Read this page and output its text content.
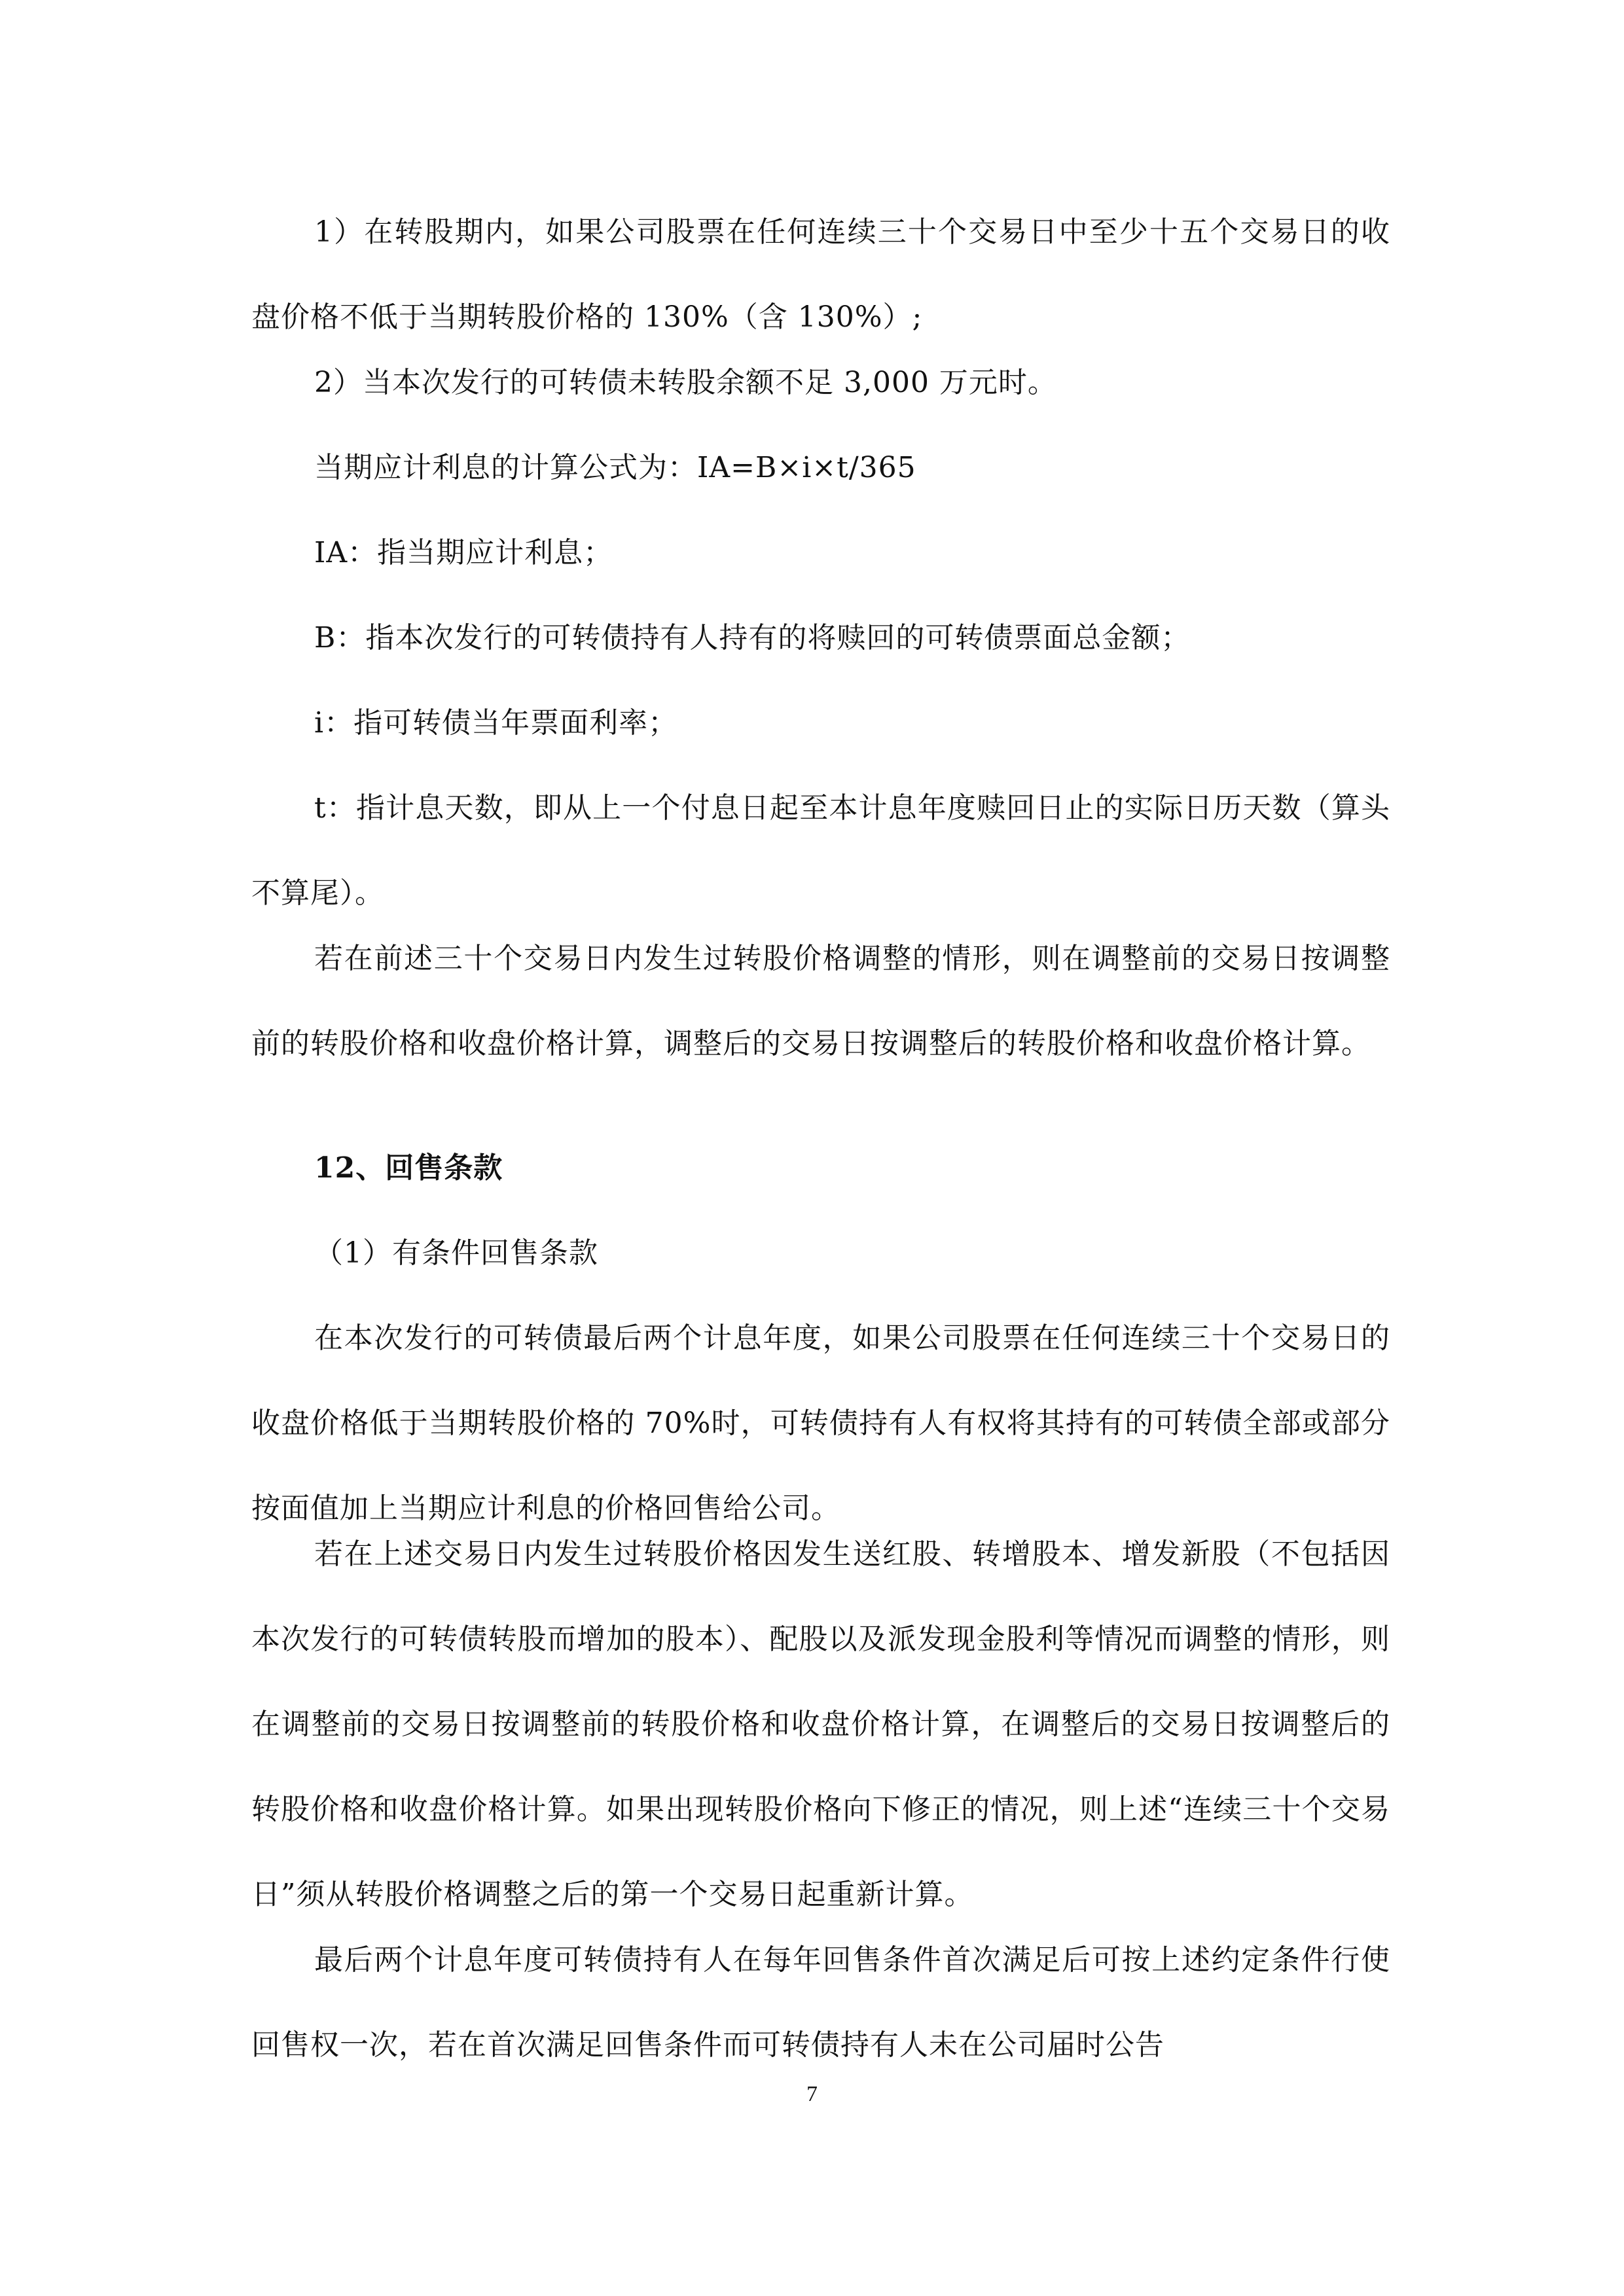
1）在转股期内，如果公司股票在任何连续三十个交易日中至少十五个交易日的收盘价格不低于当期转股价格的 130%（含 130%）;

2）当本次发行的可转债未转股余额不足 3,000 万元时。

当期应计利息的计算公式为：IA=B×i×t/365

IA：指当期应计利息；

B：指本次发行的可转债持有人持有的将赎回的可转债票面总金额；

i：指可转债当年票面利率；

t：指计息天数，即从上一个付息日起至本计息年度赎回日止的实际日历天数（算头不算尾）。

若在前述三十个交易日内发生过转股价格调整的情形，则在调整前的交易日按调整前的转股价格和收盘价格计算，调整后的交易日按调整后的转股价格和收盘价格计算。

12、回售条款

（1）有条件回售条款

在本次发行的可转债最后两个计息年度，如果公司股票在任何连续三十个交易日的收盘价格低于当期转股价格的 70%时，可转债持有人有权将其持有的可转债全部或部分按面值加上当期应计利息的价格回售给公司。

若在上述交易日内发生过转股价格因发生送红股、转增股本、增发新股（不包括因本次发行的可转债转股而增加的股本）、配股以及派发现金股利等情况而调整的情形，则在调整前的交易日按调整前的转股价格和收盘价格计算，在调整后的交易日按调整后的转股价格和收盘价格计算。如果出现转股价格向下修正的情况，则上述“连续三十个交易日”须从转股价格调整之后的第一个交易日起重新计算。

最后两个计息年度可转债持有人在每年回售条件首次满足后可按上述约定条件行使回售权一次，若在首次满足回售条件而可转债持有人未在公司届时公告

7
